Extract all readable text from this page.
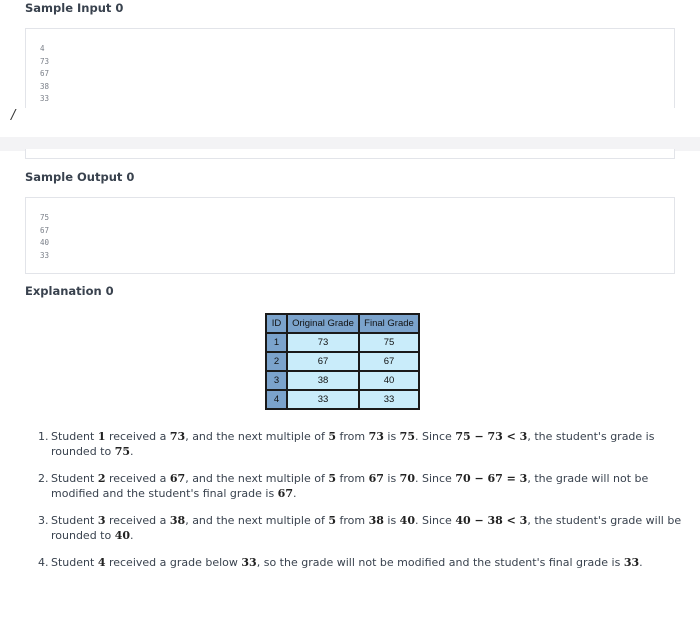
Sample Input 0
4
73
67
38
33
/
Sample Output 0
75
67
40
33
Explanation 0
ID	Original Grade	Final Grade
1	73	75
2	67	67
3	38	40
4	33	33
1. Student 1 received a 73, and the next multiple of 5 from 73 is 75. Since 75 − 73 < 3, the student's grade is rounded to 75.
2. Student 2 received a 67, and the next multiple of 5 from 67 is 70. Since 70 − 67 = 3, the grade will not be modified and the student's final grade is 67.
3. Student 3 received a 38, and the next multiple of 5 from 38 is 40. Since 40 − 38 < 3, the student's grade will be rounded to 40.
4. Student 4 received a grade below 33, so the grade will not be modified and the student's final grade is 33.
